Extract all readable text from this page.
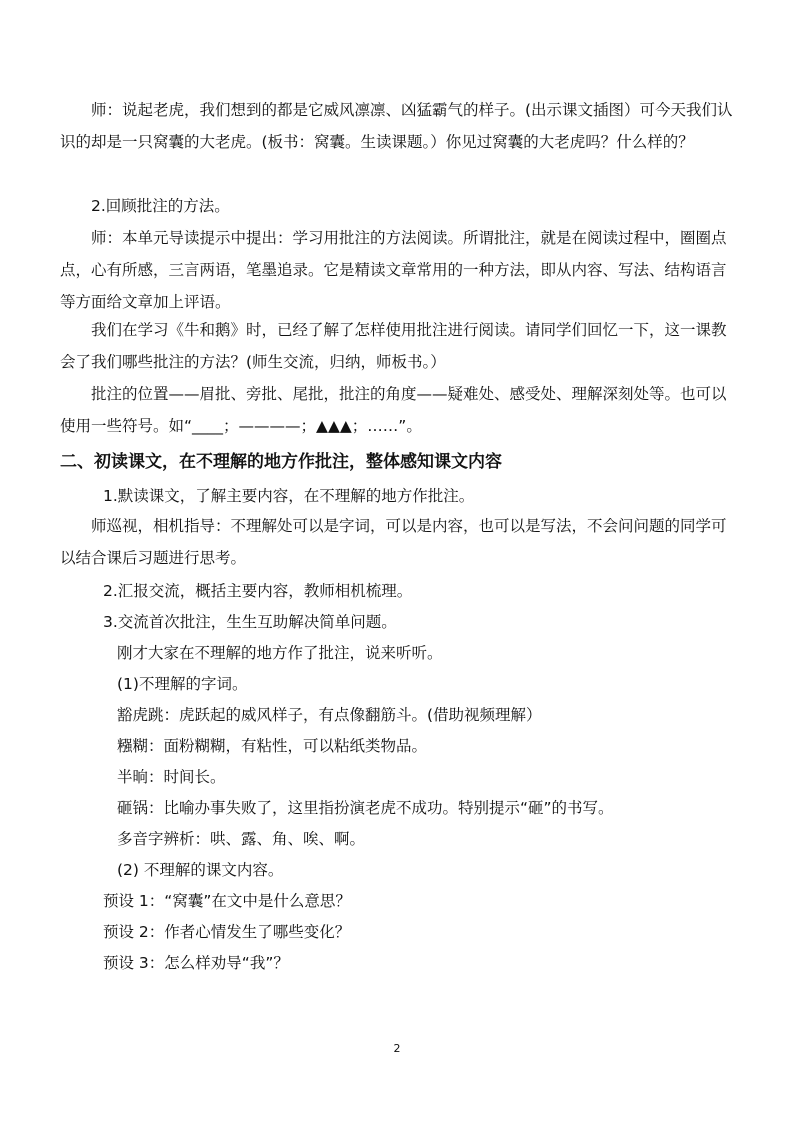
师：说起老虎，我们想到的都是它威风凛凛、凶猛霸气的样子。(出示课文插图）可今天我们认识的却是一只窝囊的大老虎。(板书：窝囊。生读课题。）你见过窝囊的大老虎吗？什么样的？

2.回顾批注的方法。

师：本单元导读提示中提出：学习用批注的方法阅读。所谓批注，就是在阅读过程中，圈圈点点，心有所感，三言两语，笔墨追录。它是精读文章常用的一种方法，即从内容、写法、结构语言等方面给文章加上评语。

我们在学习《牛和鹅》时，已经了解了怎样使用批注进行阅读。请同学们回忆一下，这一课教会了我们哪些批注的方法？(师生交流，归纳，师板书。）

批注的位置——眉批、旁批、尾批，批注的角度——疑难处、感受处、理解深刻处等。也可以使用一些符号。如“____；————；▲▲▲；……”。

二、初读课文，在不理解的地方作批注，整体感知课文内容

1.默读课文，了解主要内容，在不理解的地方作批注。

师巡视，相机指导：不理解处可以是字词，可以是内容，也可以是写法，不会问问题的同学可以结合课后习题进行思考。

2.汇报交流，概括主要内容，教师相机梳理。

3.交流首次批注，生生互助解决简单问题。

刚才大家在不理解的地方作了批注，说来听听。

(1)不理解的字词。

豁虎跳：虎跃起的威风样子，有点像翻筋斗。(借助视频理解）

糨糊：面粉糊糊，有粘性，可以粘纸类物品。

半晌：时间长。

砸锅：比喻办事失败了，这里指扮演老虎不成功。特别提示“砸”的书写。

多音字辨析：哄、露、角、唉、啊。

(2) 不理解的课文内容。

预设 1：“窝囊”在文中是什么意思？

预设 2：作者心情发生了哪些变化？

预设 3：怎么样劝导“我”？

2
